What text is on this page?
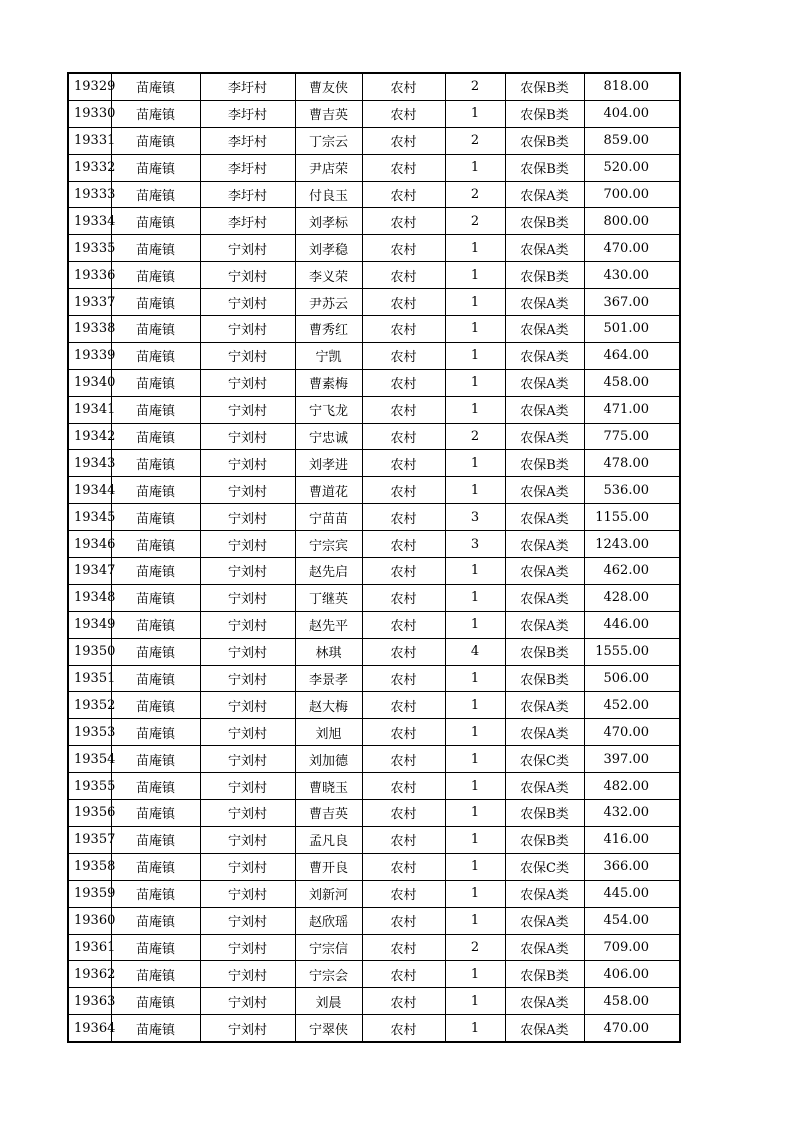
19329	苗庵镇	李圩村	曹友侠	农村	2	农保B类	818.00
19330	苗庵镇	李圩村	曹吉英	农村	1	农保B类	404.00
19331	苗庵镇	李圩村	丁宗云	农村	2	农保B类	859.00
19332	苗庵镇	李圩村	尹店荣	农村	1	农保B类	520.00
19333	苗庵镇	李圩村	付良玉	农村	2	农保A类	700.00
19334	苗庵镇	李圩村	刘孝标	农村	2	农保B类	800.00
19335	苗庵镇	宁刘村	刘孝稳	农村	1	农保A类	470.00
19336	苗庵镇	宁刘村	李义荣	农村	1	农保B类	430.00
19337	苗庵镇	宁刘村	尹苏云	农村	1	农保A类	367.00
19338	苗庵镇	宁刘村	曹秀红	农村	1	农保A类	501.00
19339	苗庵镇	宁刘村	宁凯	农村	1	农保A类	464.00
19340	苗庵镇	宁刘村	曹素梅	农村	1	农保A类	458.00
19341	苗庵镇	宁刘村	宁飞龙	农村	1	农保A类	471.00
19342	苗庵镇	宁刘村	宁忠诚	农村	2	农保A类	775.00
19343	苗庵镇	宁刘村	刘孝进	农村	1	农保B类	478.00
19344	苗庵镇	宁刘村	曹道花	农村	1	农保A类	536.00
19345	苗庵镇	宁刘村	宁苗苗	农村	3	农保A类	1155.00
19346	苗庵镇	宁刘村	宁宗宾	农村	3	农保A类	1243.00
19347	苗庵镇	宁刘村	赵先启	农村	1	农保A类	462.00
19348	苗庵镇	宁刘村	丁继英	农村	1	农保A类	428.00
19349	苗庵镇	宁刘村	赵先平	农村	1	农保A类	446.00
19350	苗庵镇	宁刘村	林琪	农村	4	农保B类	1555.00
19351	苗庵镇	宁刘村	李景孝	农村	1	农保B类	506.00
19352	苗庵镇	宁刘村	赵大梅	农村	1	农保A类	452.00
19353	苗庵镇	宁刘村	刘旭	农村	1	农保A类	470.00
19354	苗庵镇	宁刘村	刘加德	农村	1	农保C类	397.00
19355	苗庵镇	宁刘村	曹晓玉	农村	1	农保A类	482.00
19356	苗庵镇	宁刘村	曹吉英	农村	1	农保B类	432.00
19357	苗庵镇	宁刘村	孟凡良	农村	1	农保B类	416.00
19358	苗庵镇	宁刘村	曹开良	农村	1	农保C类	366.00
19359	苗庵镇	宁刘村	刘新河	农村	1	农保A类	445.00
19360	苗庵镇	宁刘村	赵欣瑶	农村	1	农保A类	454.00
19361	苗庵镇	宁刘村	宁宗信	农村	2	农保A类	709.00
19362	苗庵镇	宁刘村	宁宗会	农村	1	农保B类	406.00
19363	苗庵镇	宁刘村	刘晨	农村	1	农保A类	458.00
19364	苗庵镇	宁刘村	宁翠侠	农村	1	农保A类	470.00
